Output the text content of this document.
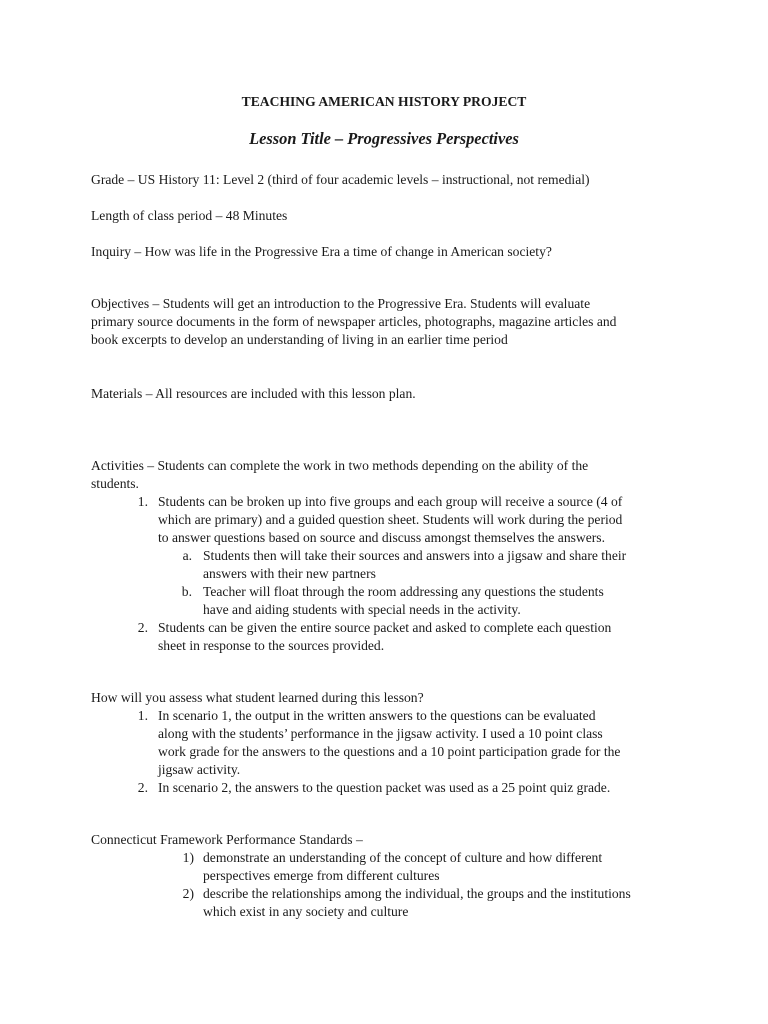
TEACHING AMERICAN HISTORY PROJECT
Lesson Title – Progressives Perspectives
Grade – US History 11: Level 2 (third of four academic levels – instructional, not remedial)
Length of class period – 48 Minutes
Inquiry – How was life in the Progressive Era a time of change in American society?
Objectives – Students will get an introduction to the Progressive Era. Students will evaluate
primary source documents in the form of newspaper articles, photographs, magazine articles and
book excerpts to develop an understanding of living in an earlier time period
Materials – All resources are included with this lesson plan.
Activities – Students can complete the work in two methods depending on the ability of the
students.
1. Students can be broken up into five groups and each group will receive a source (4 of
which are primary) and a guided question sheet. Students will work during the period
to answer questions based on source and discuss amongst themselves the answers.
a. Students then will take their sources and answers into a jigsaw and share their
answers with their new partners
b. Teacher will float through the room addressing any questions the students
have and aiding students with special needs in the activity.
2. Students can be given the entire source packet and asked to complete each question
sheet in response to the sources provided.
How will you assess what student learned during this lesson?
1. In scenario 1, the output in the written answers to the questions can be evaluated
along with the students’ performance in the jigsaw activity. I used a 10 point class
work grade for the answers to the questions and a 10 point participation grade for the
jigsaw activity.
2. In scenario 2, the answers to the question packet was used as a 25 point quiz grade.
Connecticut Framework Performance Standards –
1) demonstrate an understanding of the concept of culture and how different
perspectives emerge from different cultures
2) describe the relationships among the individual, the groups and the institutions
which exist in any society and culture
